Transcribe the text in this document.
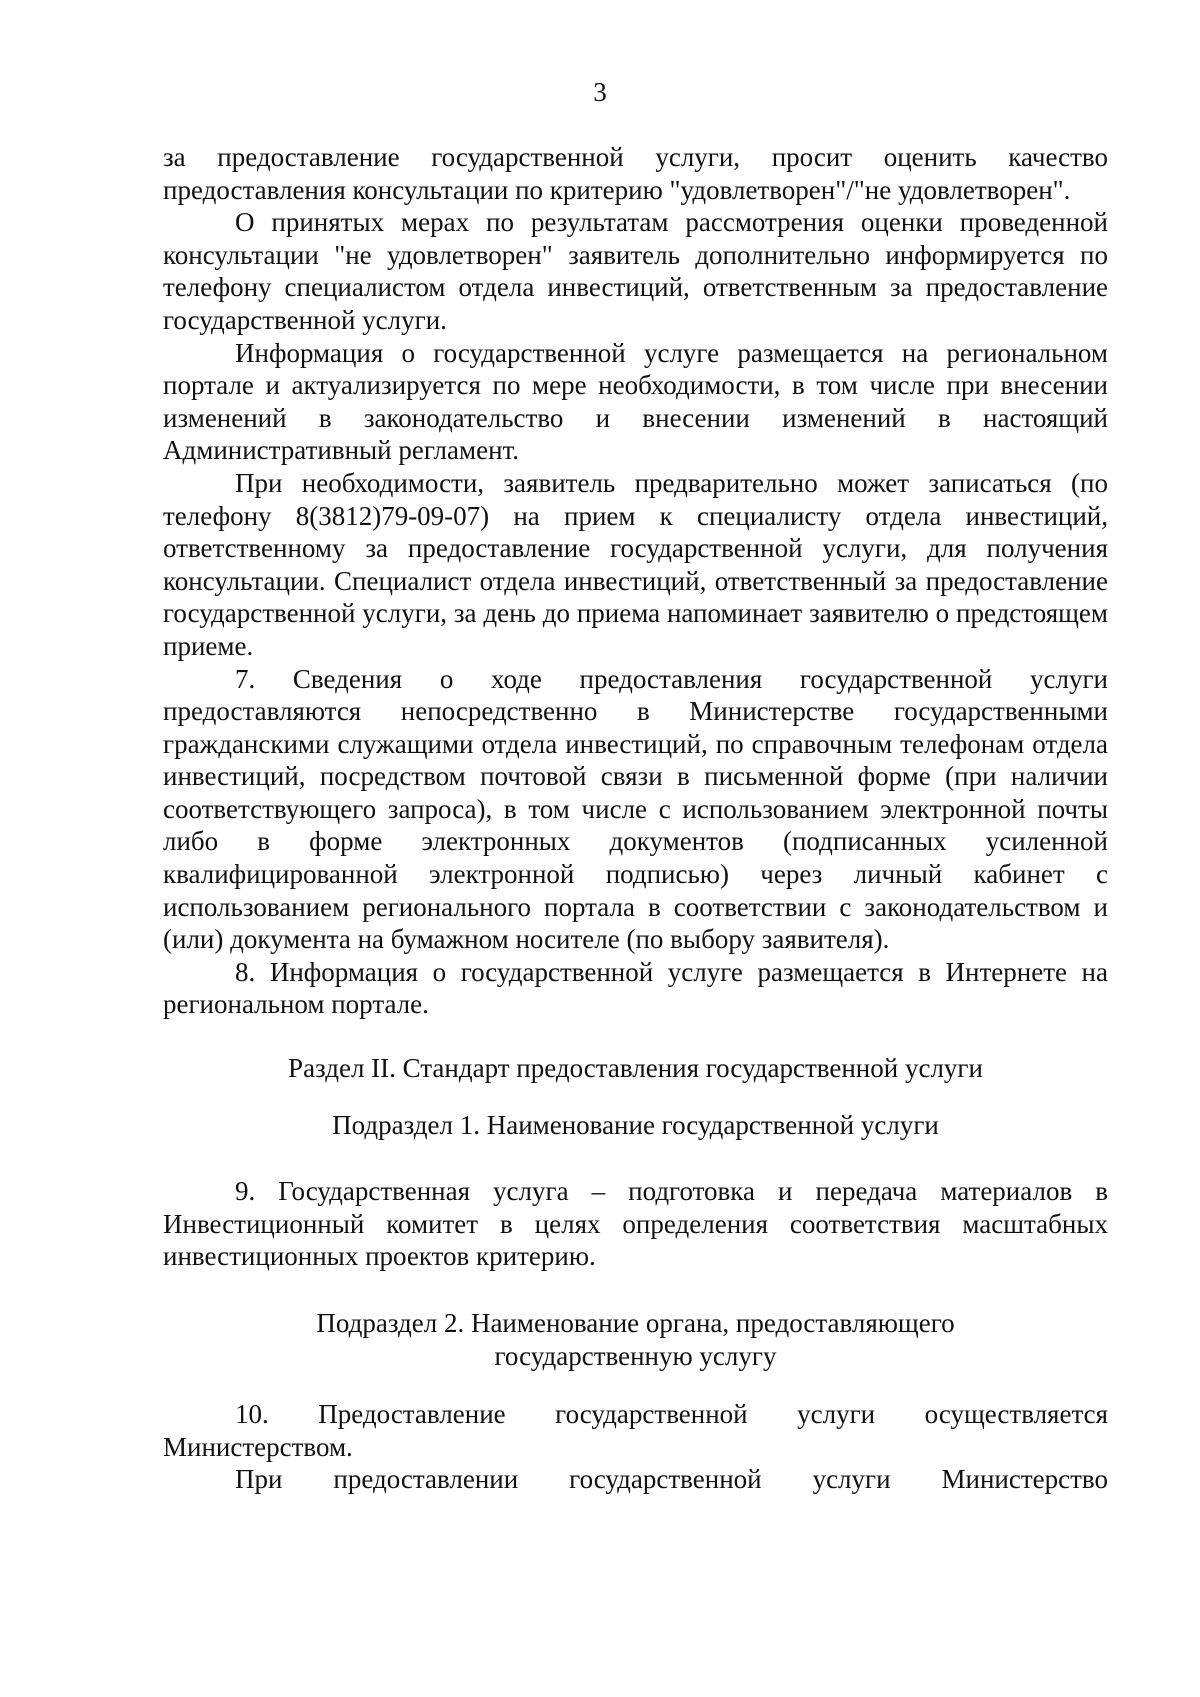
3

за предоставление государственной услуги, просит оценить качество предоставления консультации по критерию "удовлетворен"/"не удовлетворен".

О принятых мерах по результатам рассмотрения оценки проведенной консультации "не удовлетворен" заявитель дополнительно информируется по телефону специалистом отдела инвестиций, ответственным за предоставление государственной услуги.

Информация о государственной услуге размещается на региональном портале и актуализируется по мере необходимости, в том числе при внесении изменений в законодательство и внесении изменений в настоящий Административный регламент.

При необходимости, заявитель предварительно может записаться (по телефону 8(3812)79-09-07) на прием к специалисту отдела инвестиций, ответственному за предоставление государственной услуги, для получения консультации. Специалист отдела инвестиций, ответственный за предоставление государственной услуги, за день до приема напоминает заявителю о предстоящем приеме.

7. Сведения о ходе предоставления государственной услуги предоставляются непосредственно в Министерстве государственными гражданскими служащими отдела инвестиций, по справочным телефонам отдела инвестиций, посредством почтовой связи в письменной форме (при наличии соответствующего запроса), в том числе с использованием электронной почты либо в форме электронных документов (подписанных усиленной квалифицированной электронной подписью) через личный кабинет с использованием регионального портала в соответствии с законодательством и (или) документа на бумажном носителе (по выбору заявителя).

8. Информация о государственной услуге размещается в Интернете на региональном портале.

Раздел II. Стандарт предоставления государственной услуги

Подраздел 1. Наименование государственной услуги

9. Государственная услуга – подготовка и передача материалов в Инвестиционный комитет в целях определения соответствия масштабных инвестиционных проектов критерию.

Подраздел 2. Наименование органа, предоставляющего

государственную услугу

10. Предоставление государственной услуги осуществляется Министерством.

При предоставлении государственной услуги Министерство
